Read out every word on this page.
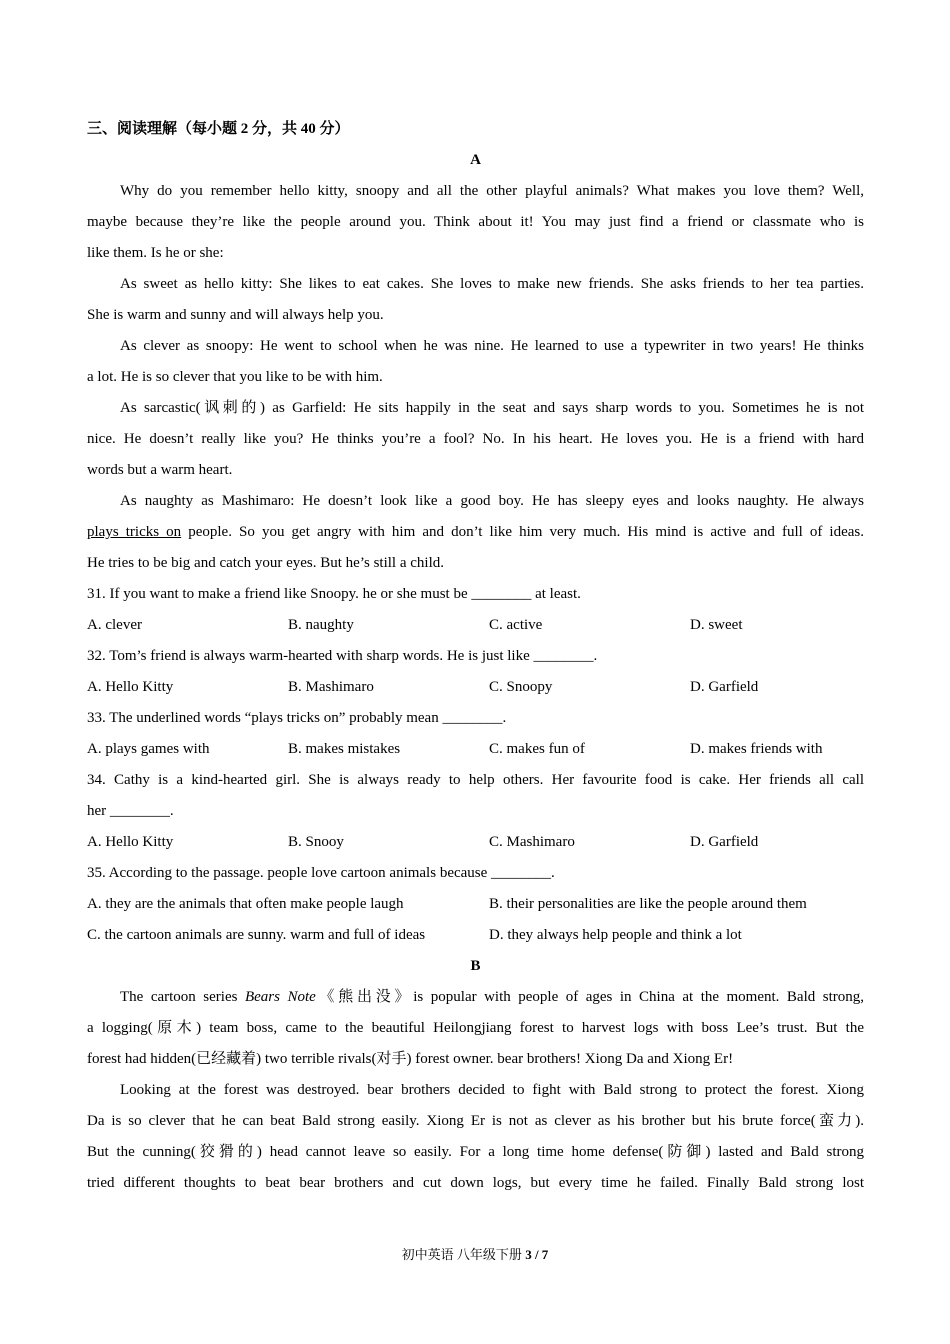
三、阅读理解（每小题 2 分，共 40 分）
A
Why do you remember hello kitty, snoopy and all the other playful animals? What makes you love them? Well,
maybe because they’re like the people around you. Think about it! You may just find a friend or classmate who is
like them. Is he or she:
As sweet as hello kitty: She likes to eat cakes. She loves to make new friends. She asks friends to her tea parties.
She is warm and sunny and will always help you.
As clever as snoopy: He went to school when he was nine. He learned to use a typewriter in two years! He thinks
a lot. He is so clever that you like to be with him.
As sarcastic(讽刺的) as Garfield: He sits happily in the seat and says sharp words to you. Sometimes he is not
nice. He doesn’t really like you? He thinks you’re a fool? No. In his heart. He loves you. He is a friend with hard
words but a warm heart.
As naughty as Mashimaro: He doesn’t look like a good boy. He has sleepy eyes and looks naughty. He always
plays tricks on people. So you get angry with him and don’t like him very much. His mind is active and full of ideas.
He tries to be big and catch your eyes. But he’s still a child.
31. If you want to make a friend like Snoopy. he or she must be ________ at least.
A. clever	B. naughty	C. active	D. sweet
32. Tom’s friend is always warm-hearted with sharp words. He is just like ________.
A. Hello Kitty	B. Mashimaro	C. Snoopy	D. Garfield
33. The underlined words “plays tricks on” probably mean ________.
A. plays games with	B. makes mistakes	C. makes fun of	D. makes friends with
34. Cathy is a kind-hearted girl. She is always ready to help others. Her favourite food is cake. Her friends all call
her ________.
A. Hello Kitty	B. Snooy	C. Mashimaro	D. Garfield
35. According to the passage. people love cartoon animals because ________.
A. they are the animals that often make people laugh	B. their personalities are like the people around them
C. the cartoon animals are sunny. warm and full of ideas	D. they always help people and think a lot
B
The cartoon series Bears Note《熊出没》is popular with people of ages in China at the moment. Bald strong,
a logging(原木) team boss, came to the beautiful Heilongjiang forest to harvest logs with boss Lee’s trust. But the
forest had hidden(已经藏着) two terrible rivals(对手) forest owner. bear brothers! Xiong Da and Xiong Er!
Looking at the forest was destroyed. bear brothers decided to fight with Bald strong to protect the forest. Xiong
Da is so clever that he can beat Bald strong easily. Xiong Er is not as clever as his brother but his brute force(蛮力).
But the cunning(狡猾的) head cannot leave so easily. For a long time home defense(防御) lasted and Bald strong
tried different thoughts to beat bear brothers and cut down logs, but every time he failed. Finally Bald strong lost
初中英语 八年级下册 3 / 7
